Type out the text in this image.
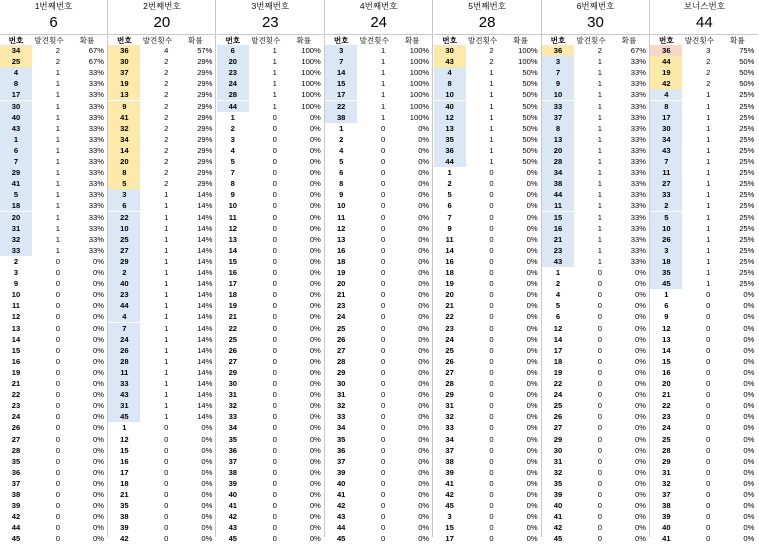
1번째번호
6
번호	발견횟수	확률
34	2	67%
25	2	67%
4	1	33%
8	1	33%
17	1	33%
30	1	33%
40	1	33%
43	1	33%
1	1	33%
6	1	33%
7	1	33%
29	1	33%
41	1	33%
5	1	33%
18	1	33%
20	1	33%
31	1	33%
32	1	33%
33	1	33%
2	0	0%
3	0	0%
9	0	0%
10	0	0%
11	0	0%
12	0	0%
13	0	0%
14	0	0%
15	0	0%
16	0	0%
19	0	0%
21	0	0%
22	0	0%
23	0	0%
24	0	0%
26	0	0%
27	0	0%
28	0	0%
35	0	0%
36	0	0%
37	0	0%
38	0	0%
39	0	0%
42	0	0%
44	0	0%
45	0	0%
2번째번호
20
번호	발견횟수	확률
36	4	57%
30	2	29%
37	2	29%
19	2	29%
13	2	29%
9	2	29%
41	2	29%
32	2	29%
34	2	29%
14	2	29%
20	2	29%
8	2	29%
5	2	29%
3	1	14%
6	1	14%
22	1	14%
10	1	14%
25	1	14%
27	1	14%
29	1	14%
2	1	14%
40	1	14%
23	1	14%
44	1	14%
4	1	14%
7	1	14%
24	1	14%
26	1	14%
28	1	14%
11	1	14%
33	1	14%
43	1	14%
31	1	14%
45	1	14%
1	0	0%
12	0	0%
15	0	0%
16	0	0%
17	0	0%
18	0	0%
21	0	0%
35	0	0%
38	0	0%
39	0	0%
42	0	0%
3번째번호
23
번호	발견횟수	확률
6	1	100%
20	1	100%
23	1	100%
24	1	100%
28	1	100%
44	1	100%
1	0	0%
2	0	0%
3	0	0%
4	0	0%
5	0	0%
7	0	0%
8	0	0%
9	0	0%
10	0	0%
11	0	0%
12	0	0%
13	0	0%
14	0	0%
15	0	0%
16	0	0%
17	0	0%
18	0	0%
19	0	0%
21	0	0%
22	0	0%
25	0	0%
26	0	0%
27	0	0%
29	0	0%
30	0	0%
31	0	0%
32	0	0%
33	0	0%
34	0	0%
35	0	0%
36	0	0%
37	0	0%
38	0	0%
39	0	0%
40	0	0%
41	0	0%
42	0	0%
43	0	0%
45	0	0%
4번째번호
24
번호	발견횟수	확률
3	1	100%
7	1	100%
14	1	100%
15	1	100%
17	1	100%
22	1	100%
38	1	100%
1	0	0%
2	0	0%
4	0	0%
5	0	0%
6	0	0%
8	0	0%
9	0	0%
10	0	0%
11	0	0%
12	0	0%
13	0	0%
16	0	0%
18	0	0%
19	0	0%
20	0	0%
21	0	0%
23	0	0%
24	0	0%
25	0	0%
26	0	0%
27	0	0%
28	0	0%
29	0	0%
30	0	0%
31	0	0%
32	0	0%
33	0	0%
34	0	0%
35	0	0%
36	0	0%
37	0	0%
39	0	0%
40	0	0%
41	0	0%
42	0	0%
43	0	0%
44	0	0%
45	0	0%
5번째번호
28
번호	발견횟수	확률
30	2	100%
43	2	100%
4	1	50%
8	1	50%
10	1	50%
40	1	50%
12	1	50%
13	1	50%
35	1	50%
36	1	50%
44	1	50%
1	0	0%
2	0	0%
5	0	0%
6	0	0%
7	0	0%
9	0	0%
11	0	0%
14	0	0%
16	0	0%
18	0	0%
19	0	0%
20	0	0%
21	0	0%
22	0	0%
23	0	0%
24	0	0%
25	0	0%
26	0	0%
27	0	0%
28	0	0%
29	0	0%
31	0	0%
32	0	0%
33	0	0%
34	0	0%
37	0	0%
38	0	0%
39	0	0%
41	0	0%
42	0	0%
45	0	0%
3	0	0%
15	0	0%
17	0	0%
6번째번호
30
번호	발견횟수	확률
36	2	67%
3	1	33%
7	1	33%
9	1	33%
10	1	33%
33	1	33%
37	1	33%
8	1	33%
13	1	33%
20	1	33%
28	1	33%
34	1	33%
38	1	33%
44	1	33%
11	1	33%
15	1	33%
16	1	33%
21	1	33%
23	1	33%
43	1	33%
1	0	0%
2	0	0%
4	0	0%
5	0	0%
6	0	0%
12	0	0%
14	0	0%
17	0	0%
18	0	0%
19	0	0%
22	0	0%
24	0	0%
25	0	0%
26	0	0%
27	0	0%
29	0	0%
30	0	0%
31	0	0%
32	0	0%
35	0	0%
39	0	0%
40	0	0%
41	0	0%
42	0	0%
45	0	0%
보너스번호
44
번호	발견횟수	확률
36	3	75%
44	2	50%
19	2	50%
42	2	50%
4	1	25%
8	1	25%
17	1	25%
30	1	25%
34	1	25%
43	1	25%
7	1	25%
11	1	25%
27	1	25%
33	1	25%
2	1	25%
5	1	25%
10	1	25%
26	1	25%
3	1	25%
18	1	25%
35	1	25%
45	1	25%
1	0	0%
6	0	0%
9	0	0%
12	0	0%
13	0	0%
14	0	0%
15	0	0%
16	0	0%
20	0	0%
21	0	0%
22	0	0%
23	0	0%
24	0	0%
25	0	0%
28	0	0%
29	0	0%
31	0	0%
32	0	0%
37	0	0%
38	0	0%
39	0	0%
40	0	0%
41	0	0%
